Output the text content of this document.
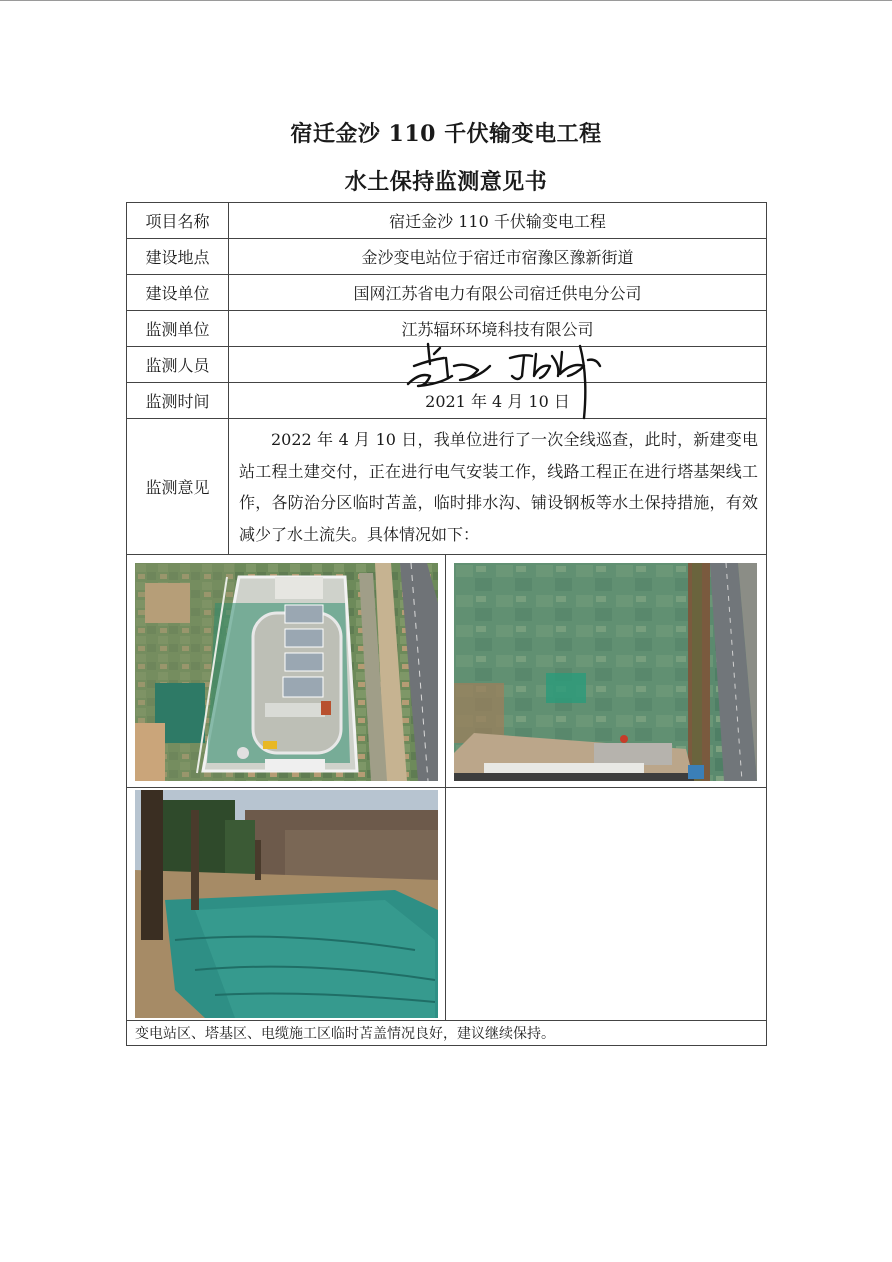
宿迁金沙 110 千伏输变电工程
水土保持监测意见书
项目名称	宿迁金沙 110 千伏输变电工程	
建设地点	金沙变电站位于宿迁市宿豫区豫新街道	
建设单位	国网江苏省电力有限公司宿迁供电分公司	
监测单位	江苏辐环环境科技有限公司	
监测人员		
监测时间	2021 年 4 月 10 日	
监测意见	2022 年 4 月 10 日，我单位进行了一次全线巡查，此时，新建变电站工程土建交付，正在进行电气安装工作，线路工程正在进行塔基架线工作，各防治分区临时苫盖，临时排水沟、铺设钢板等水土保持措施，有效减少了水土流失。具体情况如下：	

变电站区、塔基区、电缆施工区临时苫盖情况良好，建议继续保持。		
